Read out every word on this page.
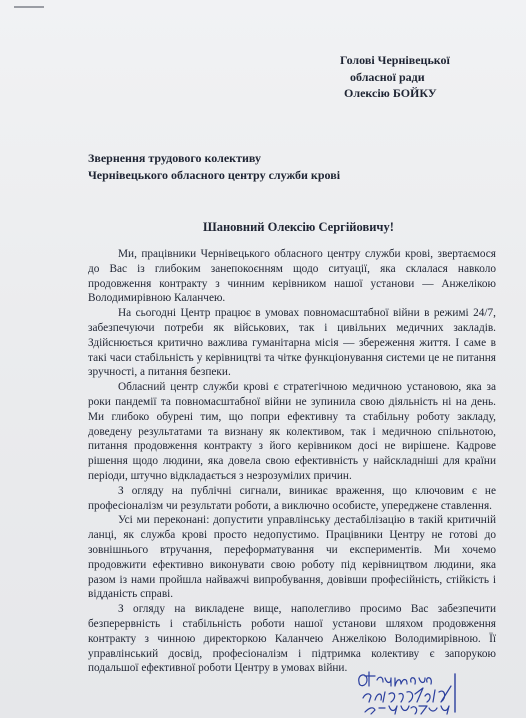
Голові Чернівецької
обласної ради
Олексію БОЙКУ
Звернення трудового колективу
Чернівецького обласного центру служби крові
Шановний Олексію Сергійовичу!

Ми, працівники Чернівецького обласного центру служби крові, звертаємося до Вас із глибоким занепокоєнням щодо ситуації, яка склалася навколо продовження контракту з чинним керівником нашої установи — Анжелікою Володимирівною Каланчею.

На сьогодні Центр працює в умовах повномасштабної війни в режимі 24/7, забезпечуючи потреби як військових, так і цивільних медичних закладів. Здійснюється критично важлива гуманітарна місія — збереження життя. І саме в такі часи стабільність у керівництві та чітке функціонування системи це не питання зручності, а питання безпеки.

Обласний центр служби крові є стратегічною медичною установою, яка за роки пандемії та повномасштабної війни не зупинила свою діяльність ні на день. Ми глибоко обурені тим, що попри ефективну та стабільну роботу закладу, доведену результатами та визнану як колективом, так і медичною спільнотою, питання продовження контракту з його керівником досі не вирішене. Кадрове рішення щодо людини, яка довела свою ефективність у найскладніші для країни періоди, штучно відкладається з незрозумілих причин.

З огляду на публічні сигнали, виникає враження, що ключовим є не професіоналізм чи результати роботи, а виключно особисте, упереджене ставлення.

Усі ми переконані: допустити управлінську дестабілізацію в такій критичній ланці, як служба крові просто недопустимо. Працівники Центру не готові до зовнішнього втручання, переформатування чи експериментів. Ми хочемо продовжити ефективно виконувати свою роботу під керівництвом людини, яка разом із нами пройшла найважчі випробування, довівши професійність, стійкість і відданість справі.

З огляду на викладене вище, наполегливо просимо Вас забезпечити безперервність і стабільність роботи нашої установи шляхом продовження контракту з чинною директоркою Каланчею Анжелікою Володимирівною. Її управлінський досвід, професіоналізм і підтримка колективу є запорукою подальшої ефективної роботи Центру в умовах війни.
